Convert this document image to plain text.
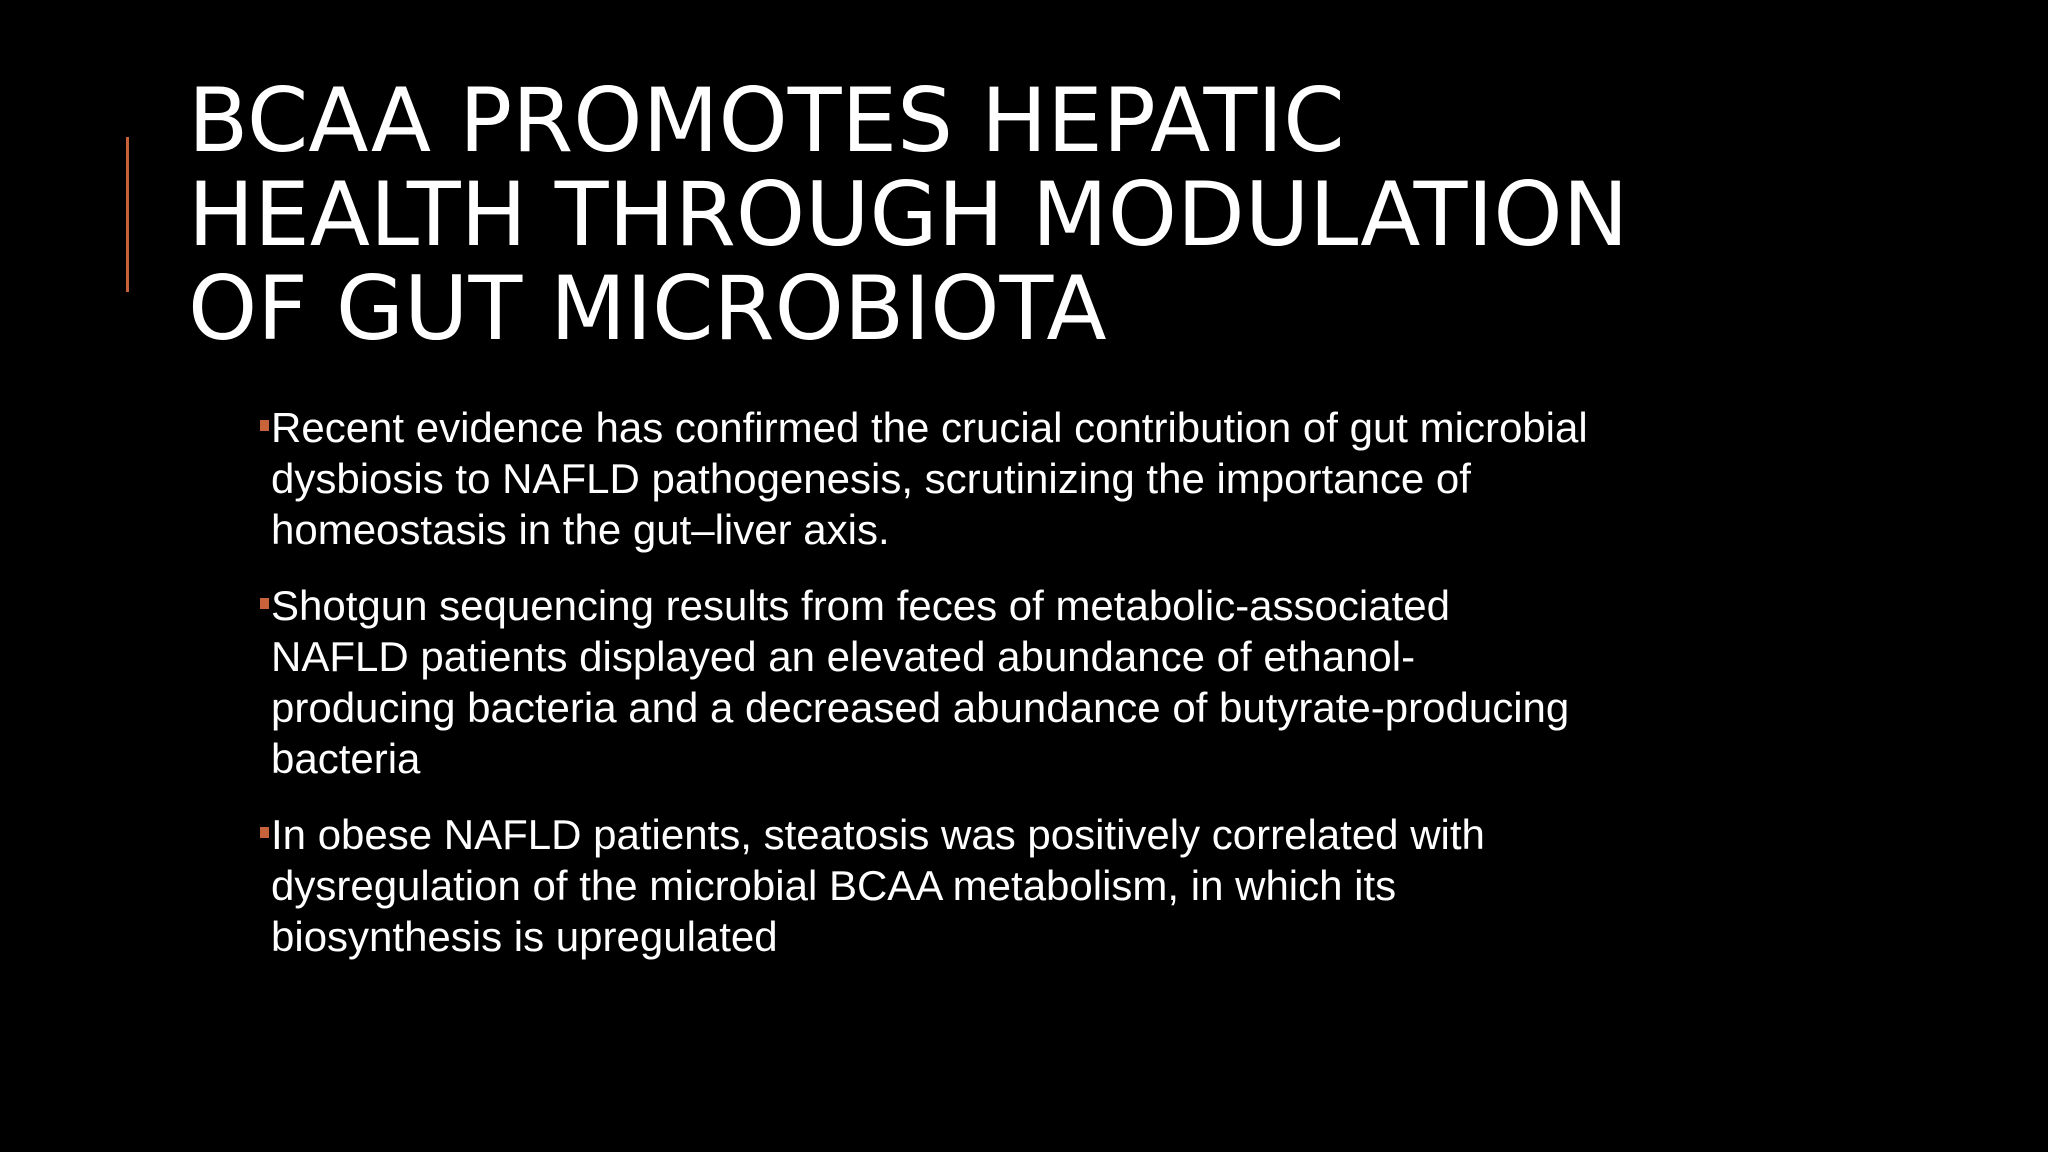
BCAA PROMOTES HEPATIC
HEALTH THROUGH MODULATION
OF GUT MICROBIOTA
Recent evidence has confirmed the crucial contribution of gut microbial
dysbiosis to NAFLD pathogenesis, scrutinizing the importance of
homeostasis in the gut–liver axis.
Shotgun sequencing results from feces of metabolic-associated
NAFLD patients displayed an elevated abundance of ethanol-
producing bacteria and a decreased abundance of butyrate-producing
bacteria
In obese NAFLD patients, steatosis was positively correlated with
dysregulation of the microbial BCAA metabolism, in which its
biosynthesis is upregulated
